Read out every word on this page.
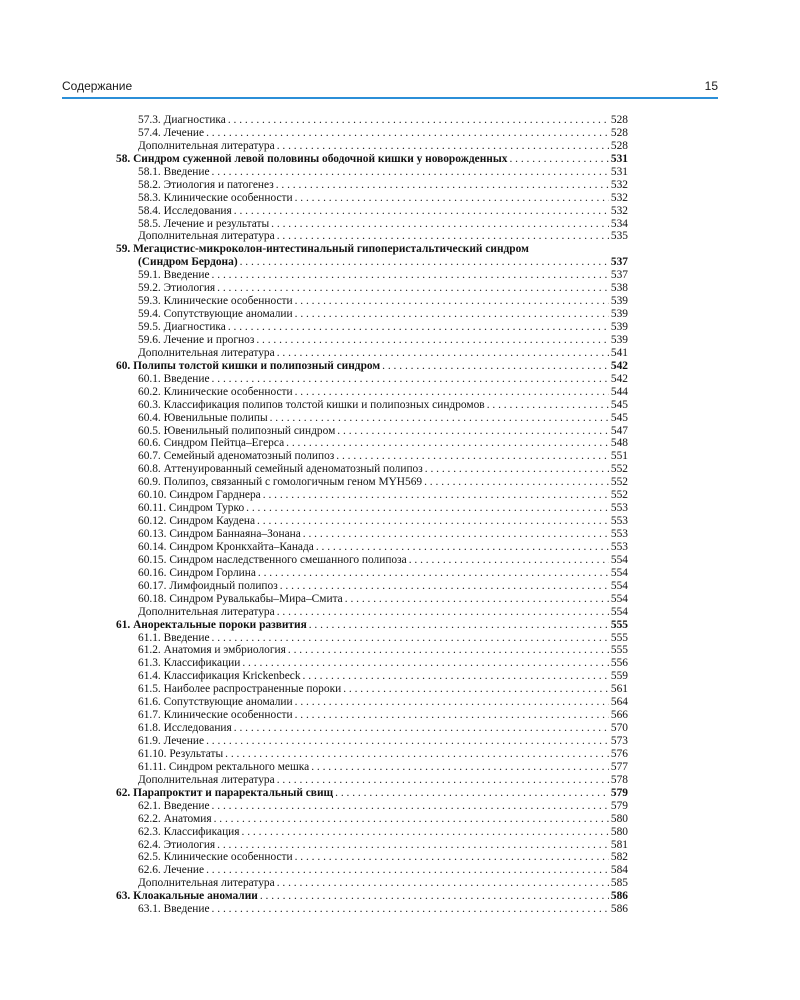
Содержание	15
57.3. Диагностика . . .	528
57.4. Лечение . . .	528
Дополнительная литература . . .	528
58. Синдром суженной левой половины ободочной кишки у новорожденных . . .	531
58.1. Введение . . .	531
58.2. Этиология и патогенез . . .	532
58.3. Клинические особенности . . .	532
58.4. Исследования . . .	532
58.5. Лечение и результаты . . .	534
Дополнительная литература . . .	535
59. Мегацистис-микроколон-интестинальный гипоперистальтический синдром
(Синдром Бердона) . . .	537
59.1. Введение . . .	537
59.2. Этиология . . .	538
59.3. Клинические особенности . . .	539
59.4. Сопутствующие аномалии . . .	539
59.5. Диагностика . . .	539
59.6. Лечение и прогноз . . .	539
Дополнительная литература . . .	541
60. Полипы толстой кишки и полипозный синдром . . .	542
60.1. Введение . . .	542
60.2. Клинические особенности . . .	544
60.3. Классификация полипов толстой кишки и полипозных синдромов . . .	545
60.4. Ювенильные полипы . . .	545
60.5. Ювенильный полипозный синдром . . .	547
60.6. Синдром Пейтца–Егерса . . .	548
60.7. Семейный аденоматозный полипоз . . .	551
60.8. Аттенуированный семейный аденоматозный полипоз . . .	552
60.9. Полипоз, связанный с гомологичным геном MYH569 . . .	552
60.10. Синдром Гарднера . . .	552
60.11. Синдром Турко . . .	553
60.12. Синдром Каудена . . .	553
60.13. Синдром Баннаяна–Зонана . . .	553
60.14. Синдром Кронкхайта–Канада . . .	553
60.15. Синдром наследственного смешанного полипоза . . .	554
60.16. Синдром Горлина . . .	554
60.17. Лимфоидный полипоз . . .	554
60.18. Синдром Рувалькабы–Мира–Смита . . .	554
Дополнительная литература . . .	554
61. Аноректальные пороки развития . . .	555
61.1. Введение . . .	555
61.2. Анатомия и эмбриология . . .	555
61.3. Классификации . . .	556
61.4. Классификация Krickenbeck . . .	559
61.5. Наиболее распространенные пороки . . .	561
61.6. Сопутствующие аномалии . . .	564
61.7. Клинические особенности . . .	566
61.8. Исследования . . .	570
61.9. Лечение . . .	573
61.10. Результаты . . .	576
61.11. Синдром ректального мешка . . .	577
Дополнительная литература . . .	578
62. Парапроктит и параректальный свищ . . .	579
62.1. Введение . . .	579
62.2. Анатомия . . .	580
62.3. Классификация . . .	580
62.4. Этиология . . .	581
62.5. Клинические особенности . . .	582
62.6. Лечение . . .	584
Дополнительная литература . . .	585
63. Клоакальные аномалии . . .	586
63.1. Введение . . .	586
